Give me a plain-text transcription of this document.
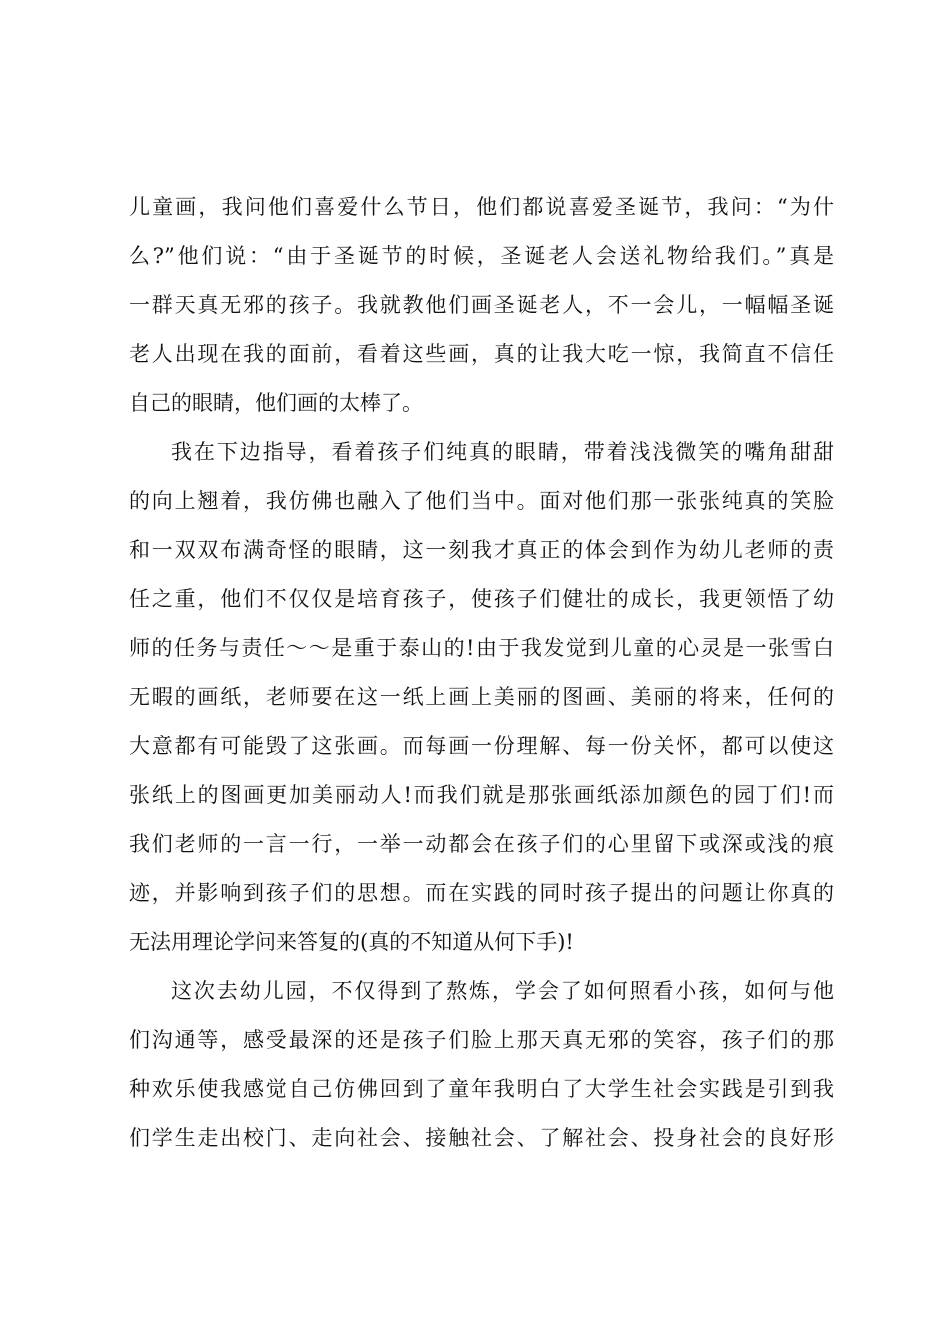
儿童画，我问他们喜爱什么节日，他们都说喜爱圣诞节，我问：“为什
么?”他们说：“由于圣诞节的时候，圣诞老人会送礼物给我们。”真是
一群天真无邪的孩子。我就教他们画圣诞老人，不一会儿，一幅幅圣诞
老人出现在我的面前，看着这些画，真的让我大吃一惊，我简直不信任
自己的眼睛，他们画的太棒了。
我在下边指导，看着孩子们纯真的眼睛，带着浅浅微笑的嘴角甜甜
的向上翘着，我仿佛也融入了他们当中。面对他们那一张张纯真的笑脸
和一双双布满奇怪的眼睛，这一刻我才真正的体会到作为幼儿老师的责
任之重，他们不仅仅是培育孩子，使孩子们健壮的成长，我更领悟了幼
师的任务与责任～～是重于泰山的!由于我发觉到儿童的心灵是一张雪白
无暇的画纸，老师要在这一纸上画上美丽的图画、美丽的将来，任何的
大意都有可能毁了这张画。而每画一份理解、每一份关怀，都可以使这
张纸上的图画更加美丽动人!而我们就是那张画纸添加颜色的园丁们!而
我们老师的一言一行，一举一动都会在孩子们的心里留下或深或浅的痕
迹，并影响到孩子们的思想。而在实践的同时孩子提出的问题让你真的
无法用理论学问来答复的(真的不知道从何下手)!
这次去幼儿园，不仅得到了熬炼，学会了如何照看小孩，如何与他
们沟通等，感受最深的还是孩子们脸上那天真无邪的笑容，孩子们的那
种欢乐使我感觉自己仿佛回到了童年我明白了大学生社会实践是引到我
们学生走出校门、走向社会、接触社会、了解社会、投身社会的良好形
